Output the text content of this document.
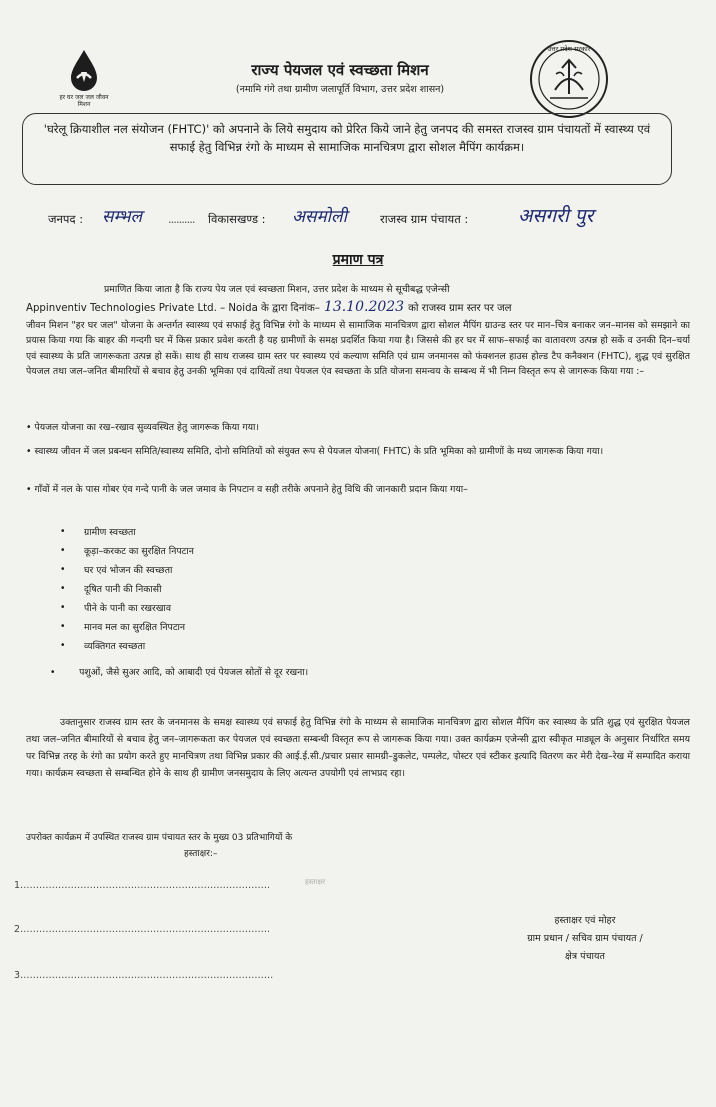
हर घर जल जल जीवन मिशन
उत्तर प्रदेश सरकार
राज्य पेयजल एवं स्वच्छता मिशन
(नमामि गंगे तथा ग्रामीण जलापूर्ति विभाग, उत्तर प्रदेश शासन)
'घरेलू क्रियाशील नल संयोजन (FHTC)' को अपनाने के लिये समुदाय को प्रेरित किये जाने हेतु जनपद की समस्त राजस्व ग्राम पंचायतों में स्वास्थ्य एवं सफाई हेतु विभिन्न रंगो के माध्यम से सामाजिक मानचित्रण द्वारा सोशल मैपिंग कार्यक्रम।
जनपद : सम्भल .......... विकासखण्ड : असमोली	राजस्व ग्राम पंचायत :	असगरी पुर
प्रमाण पत्र
प्रमाणित किया जाता है कि राज्य पेय जल एवं स्वच्छता मिशन, उत्तर प्रदेश के माध्यम से सूचीबद्ध एजेन्सी
Appinventiv Technologies Private Ltd. – Noida के द्वारा दिनांक– 13.10.2023 को राजस्व ग्राम स्तर पर जल
जीवन मिशन "हर घर जल" योजना के अन्तर्गत स्वास्थ्य एवं सफाई हेतु विभिन्न रंगो के माध्यम से सामाजिक मानचित्रण द्वारा सोशल मैपिंग ग्राउन्ड स्तर पर मान–चित्र बनाकर जन–मानस को समझाने का प्रयास किया गया कि बाहर की गन्दगी घर में किस प्रकार प्रवेश करती है यह ग्रामीणों के समक्ष प्रदर्शित किया गया है। जिससे की हर घर में साफ–सफाई का वातावरण उत्पन्न हो सकें व उनकी दिन–चर्या एवं स्वास्थ्य के प्रति जागरूकता उत्पन्न हो सकें। साथ ही साथ राजस्व ग्राम स्तर पर स्वास्थ्य एवं कल्याण समिति एवं ग्राम जनमानस को फंक्शनल हाउस होल्ड टैप कनैक्शन (FHTC), शुद्ध एवं सुरक्षित पेयजल तथा जल–जनित बीमारियों से बचाव हेतु उनकी भूमिका एवं दायित्वों तथा पेयजल एंव स्वच्छता के प्रति योजना समन्वय के सम्बन्ध में भी निम्न विस्तृत रूप से जागरूक किया गया :–
• पेयजल योजना का रख–रखाव सुव्यवस्थित हेतु जागरूक किया गया।
• स्वास्थ्य जीवन में जल प्रबन्धन समिति/स्वास्थ्य समिति, दोनो समितियों को संयुक्त रूप से पेयजल योजना( FHTC) के प्रति भूमिका को ग्रामीणों के मध्य जागरूक किया गया।
• गाँवों में नल के पास गोबर एंव गन्दे पानी के जल जमाव के निपटान व सही तरीके अपनाने हेतु विधि की जानकारी प्रदान किया गया–
• ग्रामीण स्वच्छता
• कूड़ा–करकट का सुरक्षित निपटान
• घर एवं भोजन की स्वच्छता
• दूषित पानी की निकासी
• पीने के पानी का रखरखाव
• मानव मल का सुरक्षित निपटान
• व्यक्तिगत स्वच्छता
•        पशुओं, जैसे सुअर आदि, को आबादी एवं पेयजल स्रोतों से दूर रखना।
उक्तानुसार राजस्व ग्राम स्तर के जनमानस के समक्ष स्वास्थ्य एवं सफाई हेतु विभिन्न रंगो के माध्यम से सामाजिक मानचित्रण द्वारा सोशल मैपिंग कर स्वास्थ्य के प्रति शुद्ध एवं सुरक्षित पेयजल तथा जल–जनित बीमारियों से बचाव हेतु जन–जागरूकता कर पेयजल एवं स्वच्छता सम्बन्धी विस्तृत रूप से जागरूक किया गया। उक्त कार्यक्रम एजेन्सी द्वारा स्वीकृत माड्यूल के अनुसार निर्धारित समय पर विभिन्न तरह के रंगो का प्रयोग करते हुए मानचित्रण तथा विभिन्न प्रकार की आई.ई.सी./प्रचार प्रसार सामग्री–डुकलेट, पम्पलेट, पोस्टर एवं स्टीकर इत्यादि वितरण कर मेरी देख–रेख में सम्पादित कराया गया। कार्यक्रम स्वच्छता से सम्बन्धित होने के साथ ही ग्रामीण जनसमुदाय के लिए अत्यन्त उपयोगी एवं लाभप्रद रहा।
उपरोक्त कार्यक्रम में उपस्थित राजस्व ग्राम पंचायत स्तर के मुख्य 03 प्रतिभागियों के
हस्ताक्षर:–
1…………………………………………………………………….	हस्ताक्षर
2…………………………………………………………………….
3……………………………………………………………………..
हस्ताक्षर एवं मोहर
ग्राम प्रधान / सचिव ग्राम पंचायत /
क्षेत्र पंचायत
